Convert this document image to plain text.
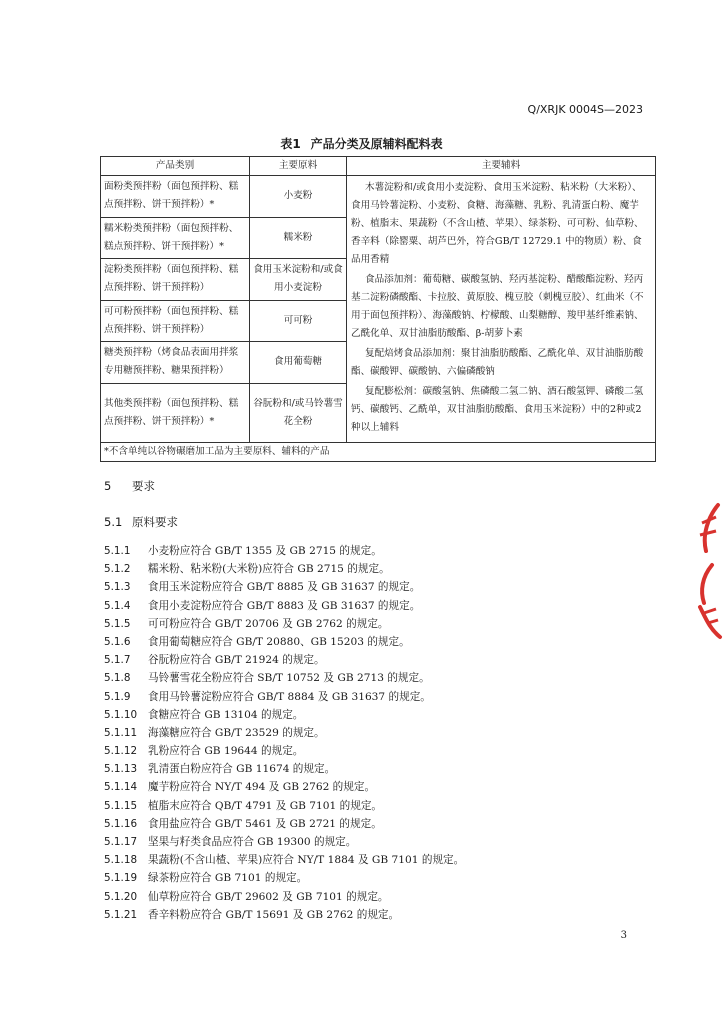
Q/XRJK 0004S—2023
表1 产品分类及原辅料配料表
产品类别	主要原料	主要辅料
面粉类预拌粉（面包预拌粉、糕点预拌粉、饼干预拌粉）*	小麦粉	木薯淀粉和/或食用小麦淀粉、食用玉米淀粉、粘米粉（大米粉）、食用马铃薯淀粉、小麦粉、食糖、海藻糖、乳粉、乳清蛋白粉、魔芋粉、植脂末、果蔬粉（不含山楂、苹果）、绿茶粉、可可粉、仙草粉、香辛料（除罂粟、胡芦巴外，符合GB/T 12729.1 中的物质）粉、食品用香精

食品添加剂：葡萄糖、碳酸氢钠、羟丙基淀粉、醋酸酯淀粉、羟丙基二淀粉磷酸酯、卡拉胶、黄原胶、槐豆胶（刺槐豆胶）、红曲米（不用于面包预拌粉）、海藻酸钠、柠檬酸、山梨糖醇、羧甲基纤维素钠、乙酰化单、双甘油脂肪酸酯、β-胡萝卜素

复配焙烤食品添加剂：聚甘油脂肪酸酯、乙酰化单、双甘油脂肪酸酯、碳酸钾、碳酸钠、六偏磷酸钠

复配膨松剂：碳酸氢钠、焦磷酸二氢二钠、酒石酸氢钾、磷酸二氢钙、碳酸钙、乙酰单，双甘油脂肪酸酯、食用玉米淀粉）中的2种或2种以上辅料

糯米粉类预拌粉（面包预拌粉、糕点预拌粉、饼干预拌粉）*	糯米粉	
淀粉类预拌粉（面包预拌粉、糕点预拌粉、饼干预拌粉）	食用玉米淀粉和/或食用小麦淀粉	
可可粉预拌粉（面包预拌粉、糕点预拌粉、饼干预拌粉）	可可粉	
糖类预拌粉（烤食品表面用拌浆专用糖预拌粉、糖果预拌粉）	食用葡萄糖	
其他类预拌粉（面包预拌粉、糕点预拌粉、饼干预拌粉）*	谷朊粉和/或马铃薯雪花全粉	
*不含单纯以谷物碾磨加工品为主要原料、辅料的产品		
5 要求
5.1 原料要求
5.1.1 小麦粉应符合 GB/T 1355 及 GB 2715 的规定。
5.1.2 糯米粉、粘米粉(大米粉)应符合 GB 2715 的规定。
5.1.3 食用玉米淀粉应符合 GB/T 8885 及 GB 31637 的规定。
5.1.4 食用小麦淀粉应符合 GB/T 8883 及 GB 31637 的规定。
5.1.5 可可粉应符合 GB/T 20706 及 GB 2762 的规定。
5.1.6 食用葡萄糖应符合 GB/T 20880、GB 15203 的规定。
5.1.7 谷朊粉应符合 GB/T 21924 的规定。
5.1.8 马铃薯雪花全粉应符合 SB/T 10752 及 GB 2713 的规定。
5.1.9 食用马铃薯淀粉应符合 GB/T 8884 及 GB 31637 的规定。
5.1.10 食糖应符合 GB 13104 的规定。
5.1.11 海藻糖应符合 GB/T 23529 的规定。
5.1.12 乳粉应符合 GB 19644 的规定。
5.1.13 乳清蛋白粉应符合 GB 11674 的规定。
5.1.14 魔芋粉应符合 NY/T 494 及 GB 2762 的规定。
5.1.15 植脂末应符合 QB/T 4791 及 GB 7101 的规定。
5.1.16 食用盐应符合 GB/T 5461 及 GB 2721 的规定。
5.1.17 坚果与籽类食品应符合 GB 19300 的规定。
5.1.18 果蔬粉(不含山楂、苹果)应符合 NY/T 1884 及 GB 7101 的规定。
5.1.19 绿茶粉应符合 GB 7101 的规定。
5.1.20 仙草粉应符合 GB/T 29602 及 GB 7101 的规定。
5.1.21 香辛料粉应符合 GB/T 15691 及 GB 2762 的规定。
3
